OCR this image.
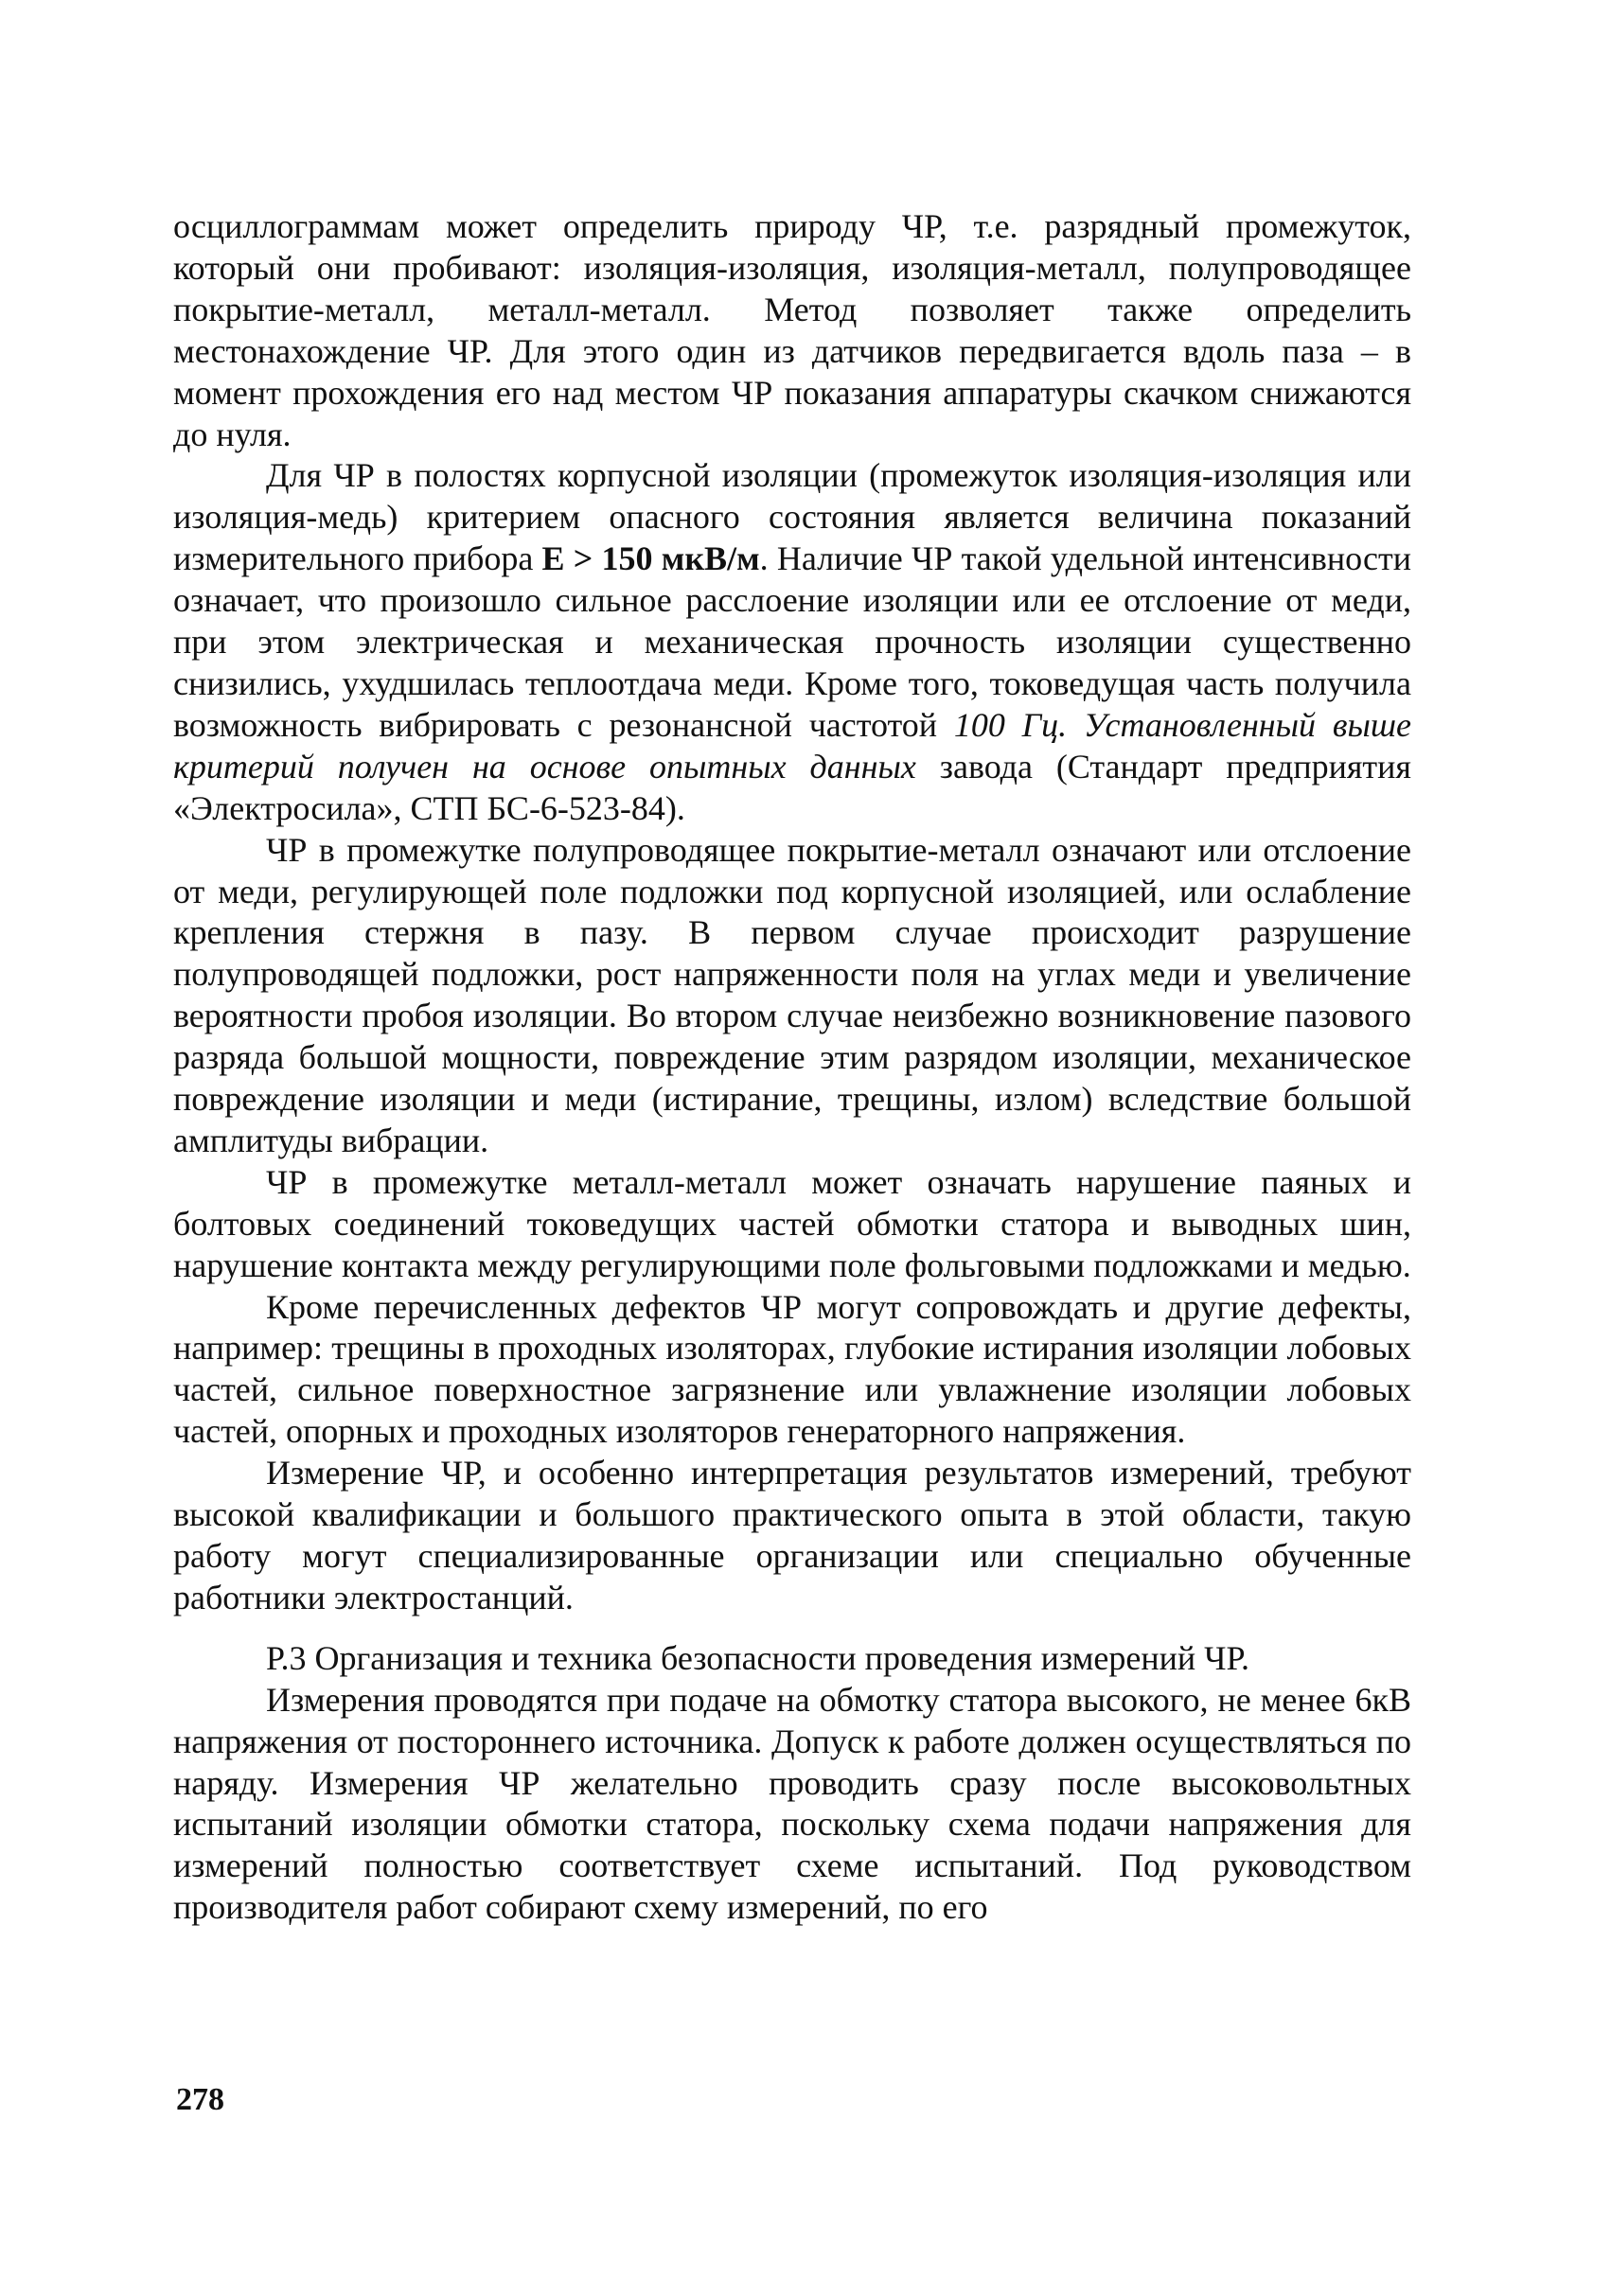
осциллограммам может определить природу ЧР, т.е. разрядный промежуток, который они пробивают: изоляция-изоляция, изоляция-металл, полупроводящее покрытие-металл, металл-металл. Метод позволяет также определить местонахождение ЧР. Для этого один из датчиков передвигается вдоль паза – в момент прохождения его над местом ЧР показания аппаратуры скачком снижаются до нуля.

Для ЧР в полостях корпусной изоляции (промежуток изоляция-изоляция или изоляция-медь) критерием опасного состояния является величина показаний измерительного прибора Е > 150 мкВ/м. Наличие ЧР такой удельной интенсивности означает, что произошло сильное расслоение изоляции или ее отслоение от меди, при этом электрическая и механическая прочность изоляции существенно снизились, ухудшилась теплоотдача меди. Кроме того, токоведущая часть получила возможность вибрировать с резонансной частотой 100 Гц. Установленный выше критерий получен на основе опытных данных завода (Стандарт предприятия «Электросила», СТП БС-6-523-84).

ЧР в промежутке полупроводящее покрытие-металл означают или отслоение от меди, регулирующей поле подложки под корпусной изоляцией, или ослабление крепления стержня в пазу. В первом случае происходит разрушение полупроводящей подложки, рост напряженности поля на углах меди и увеличение вероятности пробоя изоляции. Во втором случае неизбежно возникновение пазового разряда большой мощности, повреждение этим разрядом изоляции, механическое повреждение изоляции и меди (истирание, трещины, излом) вследствие большой амплитуды вибрации.

ЧР в промежутке металл-металл может означать нарушение паяных и болтовых соединений токоведущих частей обмотки статора и выводных шин, нарушение контакта между регулирующими поле фольговыми подложками и медью.

Кроме перечисленных дефектов ЧР могут сопровождать и другие дефекты, например: трещины в проходных изоляторах, глубокие истирания изоляции лобовых частей, сильное поверхностное загрязнение или увлажнение изоляции лобовых частей, опорных и проходных изоляторов генераторного напряжения.

Измерение ЧР, и особенно интерпретация результатов измерений, требуют высокой квалификации и большого практического опыта в этой области, такую работу могут специализированные организации или специально обученные работники электростанций.

Р.3 Организация и техника безопасности проведения измерений ЧР.

Измерения проводятся при подаче на обмотку статора высокого, не менее 6кВ напряжения от постороннего источника. Допуск к работе должен осуществляться по наряду. Измерения ЧР желательно проводить сразу после высоковольтных испытаний изоляции обмотки статора, поскольку схема подачи напряжения для измерений полностью соответствует схеме испытаний. Под руководством производителя работ собирают схему измерений, по его

278
